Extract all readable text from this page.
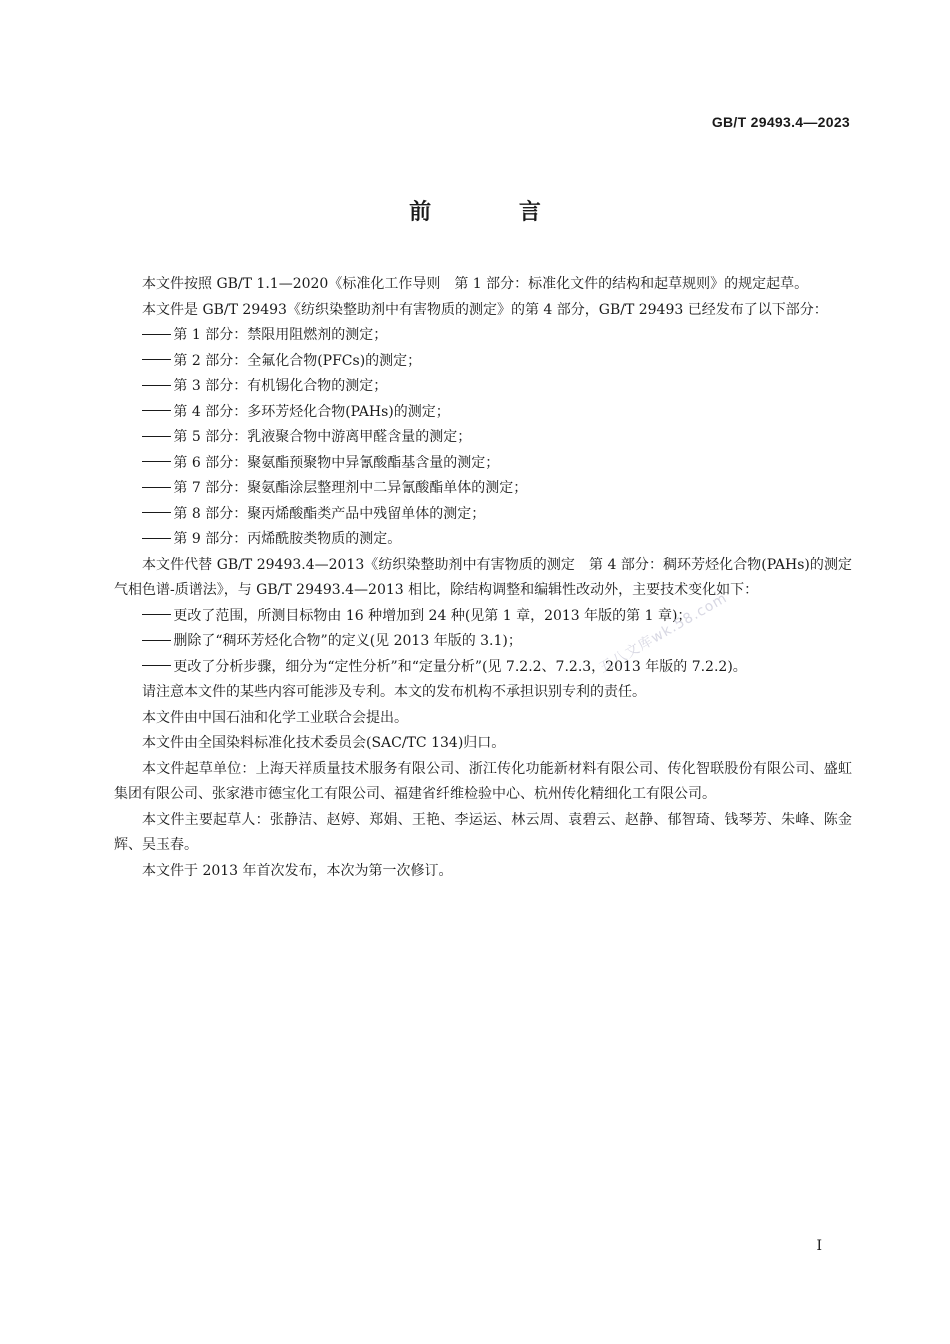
GB/T 29493.4—2023
前 言

本文件按照 GB/T 1.1—2020《标准化工作导则　第 1 部分：标准化文件的结构和起草规则》的规定起草。

本文件是 GB/T 29493《纺织染整助剂中有害物质的测定》的第 4 部分，GB/T 29493 已经发布了以下部分：

第 1 部分：禁限用阻燃剂的测定；

第 2 部分：全氟化合物(PFCs)的测定；

第 3 部分：有机锡化合物的测定；

第 4 部分：多环芳烃化合物(PAHs)的测定；

第 5 部分：乳液聚合物中游离甲醛含量的测定；

第 6 部分：聚氨酯预聚物中异氰酸酯基含量的测定；

第 7 部分：聚氨酯涂层整理剂中二异氰酸酯单体的测定；

第 8 部分：聚丙烯酸酯类产品中残留单体的测定；

第 9 部分：丙烯酰胺类物质的测定。

本文件代替 GB/T 29493.4—2013《纺织染整助剂中有害物质的测定　第 4 部分：稠环芳烃化合物(PAHs)的测定　气相色谱-质谱法》，与 GB/T 29493.4—2013 相比，除结构调整和编辑性改动外，主要技术变化如下：

更改了范围，所测目标物由 16 种增加到 24 种(见第 1 章，2013 年版的第 1 章)；

删除了“稠环芳烃化合物”的定义(见 2013 年版的 3.1)；

更改了分析步骤，细分为“定性分析”和“定量分析”(见 7.2.2、7.2.3，2013 年版的 7.2.2)。

请注意本文件的某些内容可能涉及专利。本文的发布机构不承担识别专利的责任。

本文件由中国石油和化学工业联合会提出。

本文件由全国染料标准化技术委员会(SAC/TC 134)归口。

本文件起草单位：上海天祥质量技术服务有限公司、浙江传化功能新材料有限公司、传化智联股份有限公司、盛虹集团有限公司、张家港市德宝化工有限公司、福建省纤维检验中心、杭州传化精细化工有限公司。

本文件主要起草人：张静洁、赵婷、郑娟、王艳、李运运、林云周、袁碧云、赵静、郁智琦、钱琴芳、朱峰、陈金辉、吴玉春。

本文件于 2013 年首次发布，本次为第一次修订。

五八文库wk.58.com
I
